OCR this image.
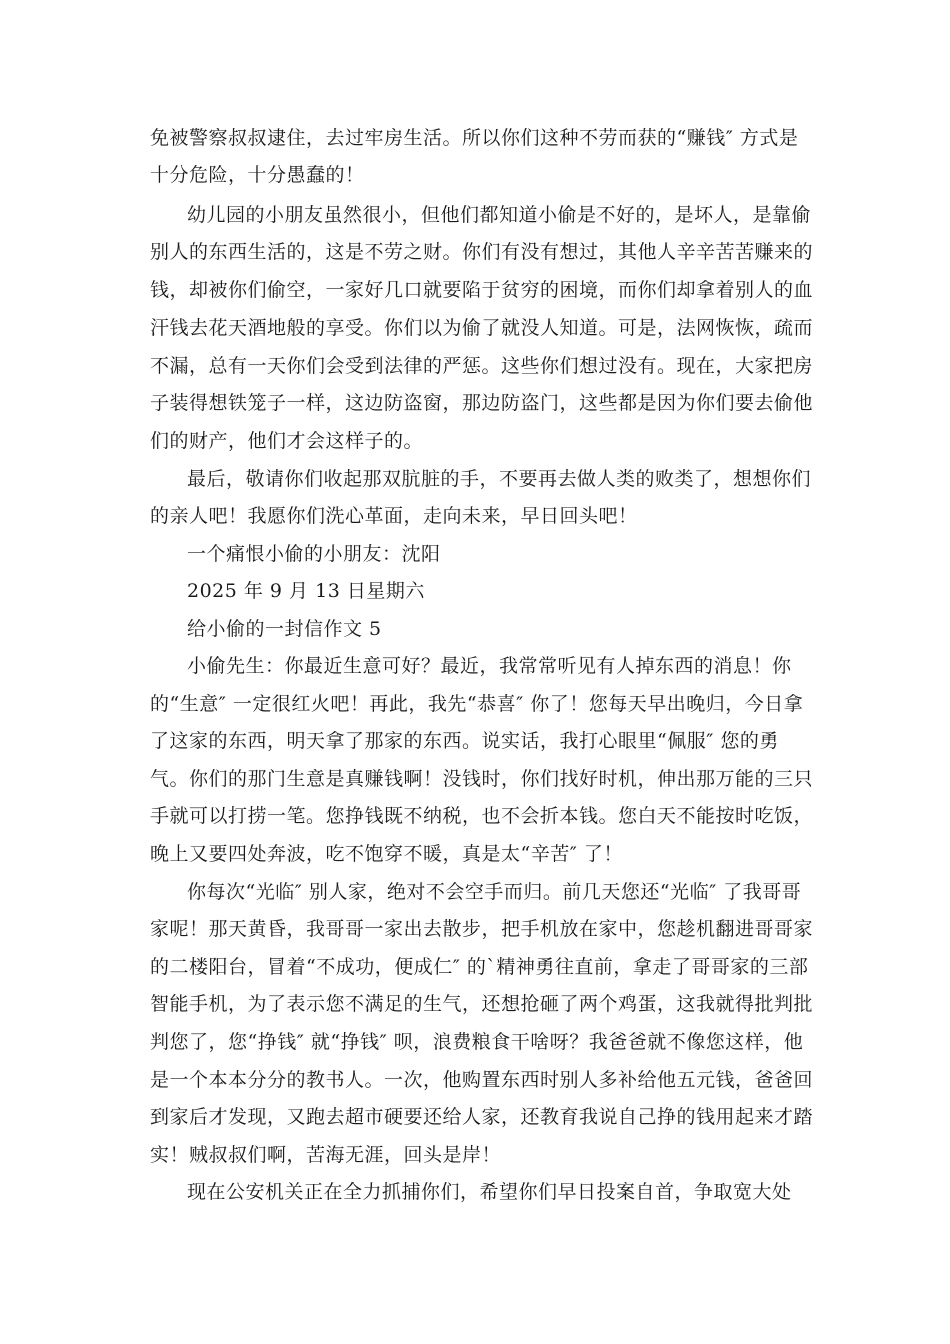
免被警察叔叔逮住，去过牢房生活。所以你们这种不劳而获的“赚钱″ 方式是
十分危险，十分愚蠢的！
幼儿园的小朋友虽然很小，但他们都知道小偷是不好的，是坏人，是靠偷
别人的东西生活的，这是不劳之财。你们有没有想过，其他人辛辛苦苦赚来的
钱，却被你们偷空，一家好几口就要陷于贫穷的困境，而你们却拿着别人的血
汗钱去花天酒地般的享受。你们以为偷了就没人知道。可是，法网恢恢，疏而
不漏，总有一天你们会受到法律的严惩。这些你们想过没有。现在，大家把房
子装得想铁笼子一样，这边防盗窗，那边防盗门，这些都是因为你们要去偷他
们的财产，他们才会这样子的。
最后，敬请你们收起那双肮脏的手，不要再去做人类的败类了，想想你们
的亲人吧！我愿你们洗心革面，走向未来，早日回头吧！
一个痛恨小偷的小朋友：沈阳
2025 年 9 月 13 日星期六
给小偷的一封信作文 5
小偷先生：你最近生意可好？最近，我常常听见有人掉东西的消息！你
的“生意″ 一定很红火吧！再此，我先“恭喜″ 你了！您每天早出晚归，今日拿
了这家的东西，明天拿了那家的东西。说实话，我打心眼里“佩服″ 您的勇
气。你们的那门生意是真赚钱啊！没钱时，你们找好时机，伸出那万能的三只
手就可以打捞一笔。您挣钱既不纳税，也不会折本钱。您白天不能按时吃饭，
晚上又要四处奔波，吃不饱穿不暖，真是太“辛苦″ 了！
你每次“光临″ 别人家，绝对不会空手而归。前几天您还“光临″ 了我哥哥
家呢！那天黄昏，我哥哥一家出去散步，把手机放在家中，您趁机翻进哥哥家
的二楼阳台，冒着“不成功，便成仁″ 的`精神勇往直前，拿走了哥哥家的三部
智能手机，为了表示您不满足的生气，还想抢砸了两个鸡蛋，这我就得批判批
判您了，您“挣钱″ 就“挣钱″ 呗，浪费粮食干啥呀？我爸爸就不像您这样，他
是一个本本分分的教书人。一次，他购置东西时别人多补给他五元钱，爸爸回
到家后才发现，又跑去超市硬要还给人家，还教育我说自己挣的钱用起来才踏
实！贼叔叔们啊，苦海无涯，回头是岸！
现在公安机关正在全力抓捕你们，希望你们早日投案自首，争取宽大处
